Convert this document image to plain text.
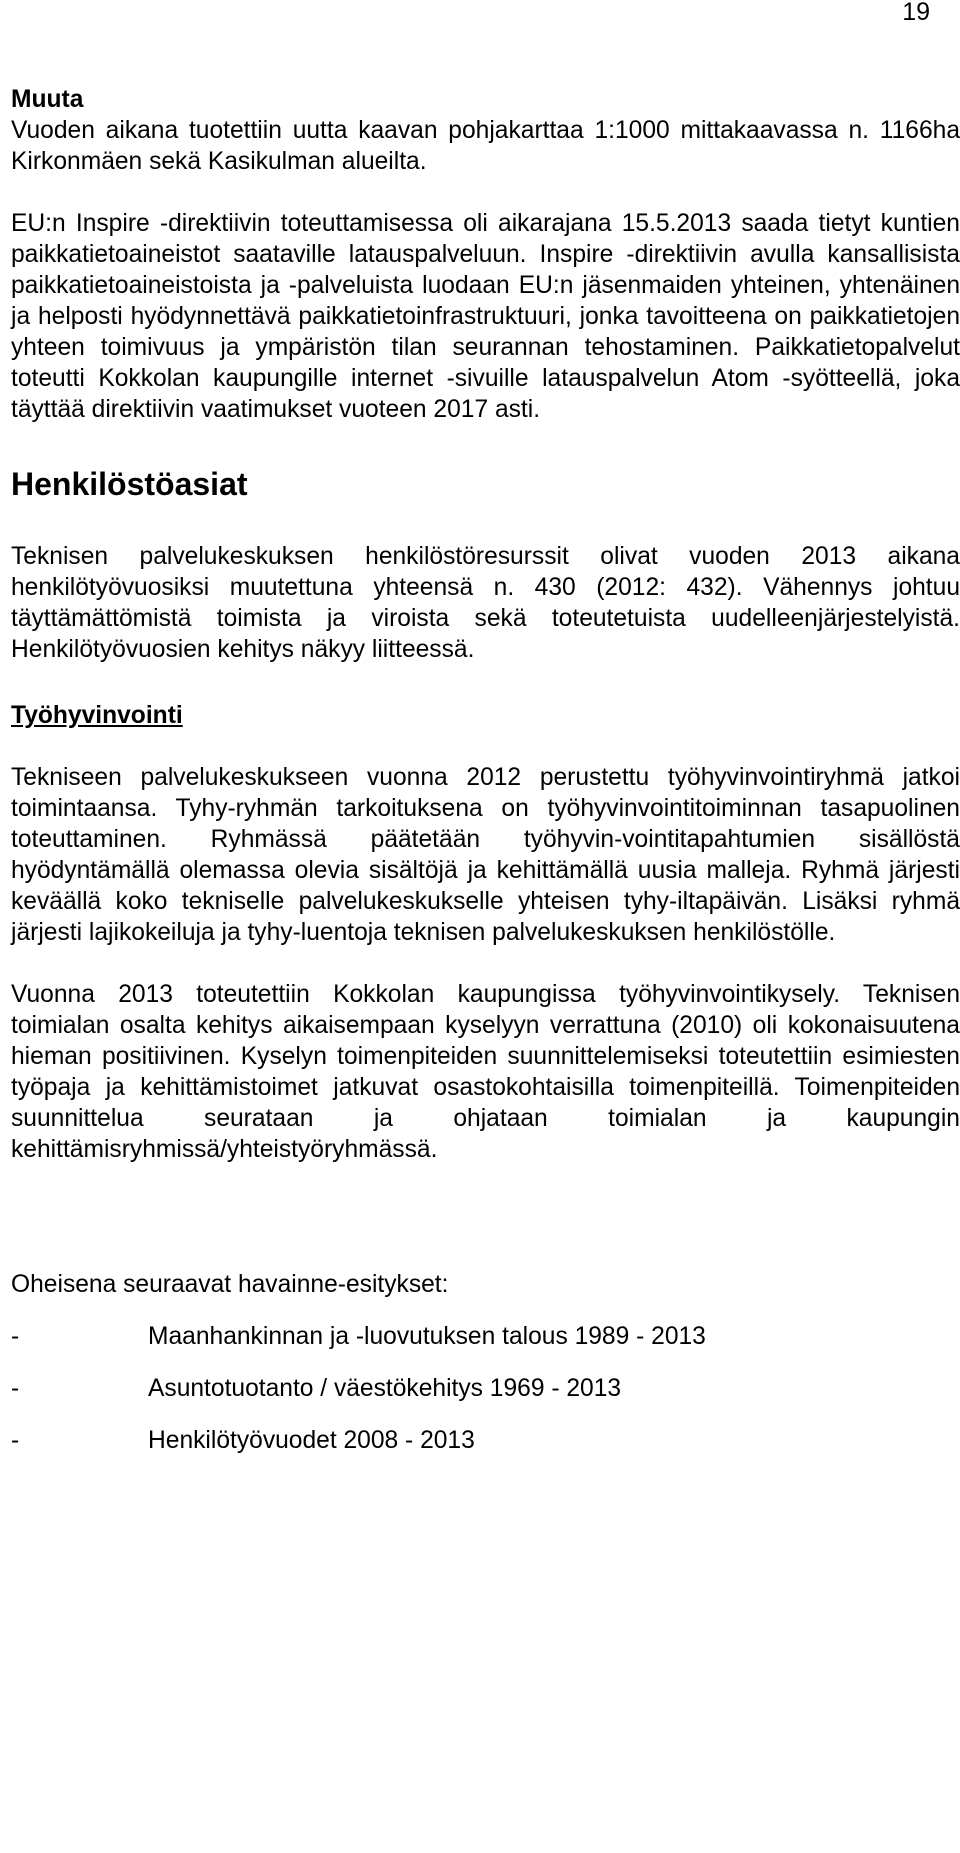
19
Muuta

Vuoden aikana tuotettiin uutta kaavan pohjakarttaa 1:1000 mittakaavassa n. 1166ha Kirkonmäen sekä Kasikulman alueilta.

EU:n Inspire -direktiivin toteuttamisessa oli aikarajana 15.5.2013 saada tietyt kuntien paikkatietoaineistot saataville latauspalveluun. Inspire -direktiivin avulla kansallisista paikkatietoaineistoista ja -palveluista luodaan EU:n jäsenmaiden yhteinen, yhtenäinen ja helposti hyödynnettävä paikkatietoinfrastruktuuri, jonka tavoitteena on paikkatietojen yhteen toimivuus ja ympäristön tilan seurannan tehostaminen. Paikkatietopalvelut toteutti Kokkolan kaupungille internet -sivuille latauspalvelun Atom -syötteellä, joka täyttää direktiivin vaatimukset vuoteen 2017 asti.

Henkilöstöasiat

Teknisen palvelukeskuksen henkilöstöresurssit olivat vuoden 2013 aikana henkilötyövuosiksi muutettuna yhteensä n. 430 (2012: 432). Vähennys johtuu täyttämättömistä toimista ja viroista sekä toteutetuista uudelleenjärjestelyistä. Henkilötyövuosien kehitys näkyy liitteessä.

Työhyvinvointi

Tekniseen palvelukeskukseen vuonna 2012 perustettu työhyvinvointiryhmä jatkoi toimintaansa. Tyhy-ryhmän tarkoituksena on työhyvinvointitoiminnan tasapuolinen toteuttaminen. Ryhmässä päätetään työhyvin-vointitapahtumien sisällöstä hyödyntämällä olemassa olevia sisältöjä ja kehittämällä uusia malleja. Ryhmä järjesti keväällä koko tekniselle palvelukeskukselle yhteisen tyhy-iltapäivän. Lisäksi ryhmä järjesti lajikokeiluja ja tyhy-luentoja teknisen palvelukeskuksen henkilöstölle.

Vuonna 2013 toteutettiin Kokkolan kaupungissa työhyvinvointikysely. Teknisen toimialan osalta kehitys aikaisempaan kyselyyn verrattuna (2010) oli kokonaisuutena hieman positiivinen. Kyselyn toimenpiteiden suunnittelemiseksi toteutettiin esimiesten työpaja ja kehittämistoimet jatkuvat osastokohtaisilla toimenpiteillä. Toimenpiteiden suunnittelua seurataan ja ohjataan toimialan ja kaupungin kehittämisryhmissä/yhteistyöryhmässä.

Oheisena seuraavat havainne-esitykset:

-	Maanhankinnan ja -luovutuksen talous 1989 - 2013
-	Asuntotuotanto / väestökehitys 1969 - 2013
-	Henkilötyövuodet 2008 - 2013
